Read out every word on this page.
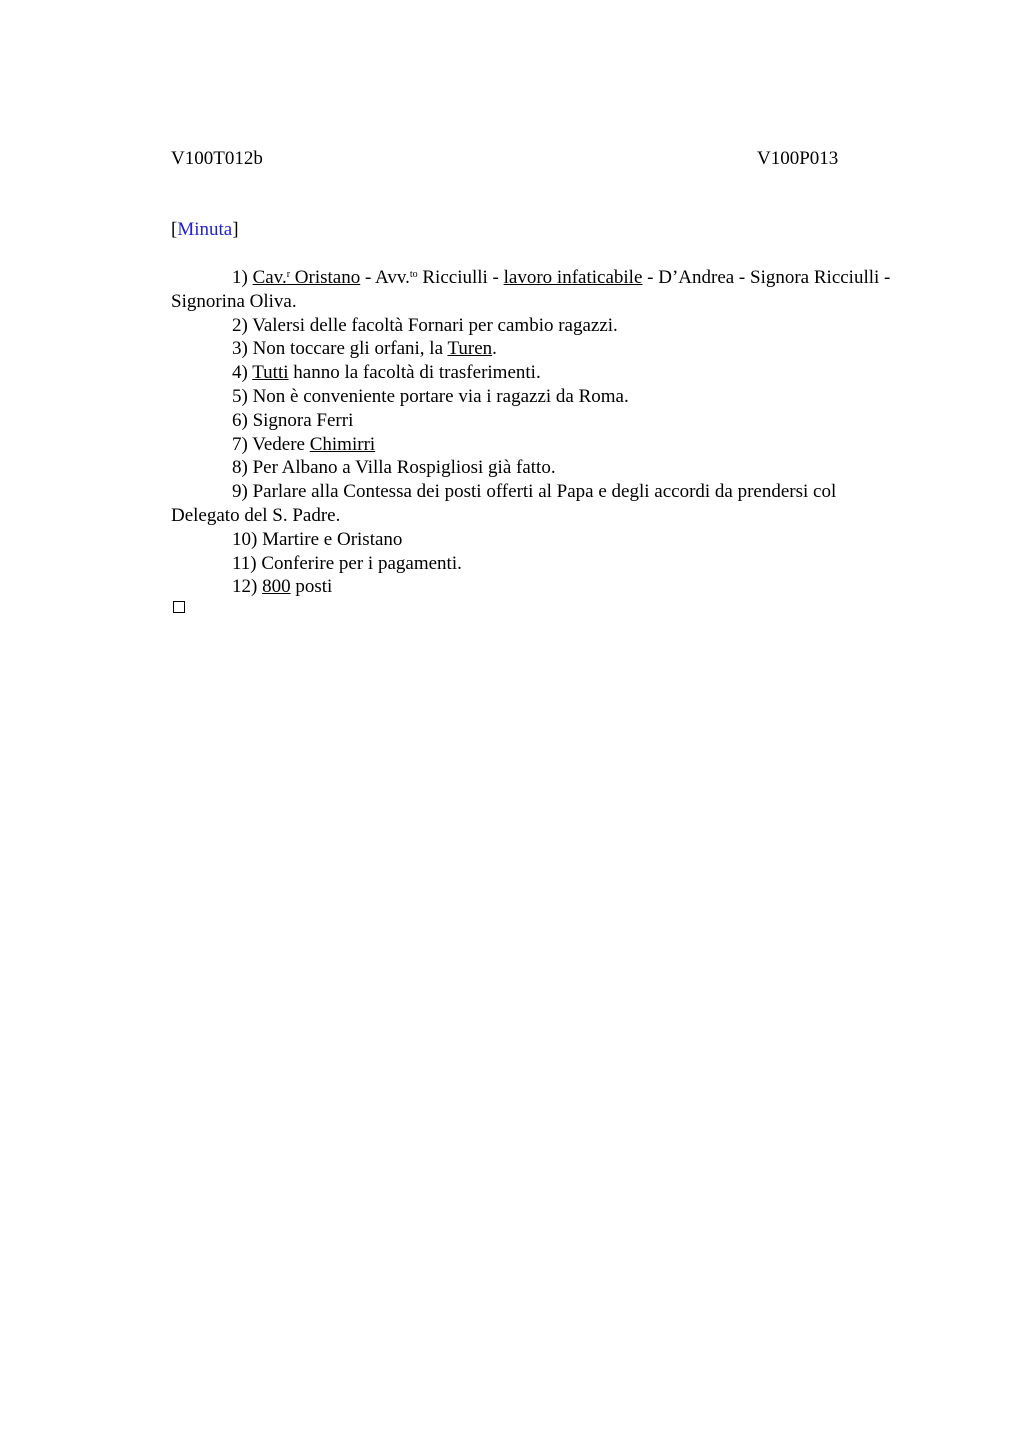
V100T012b	V100P013
[Minuta]

1) Cav.$^r$ Oristano - Avv.$^{to}$ Ricciulli - lavoro infaticabile - D’Andrea - Signora Ricciulli - Signorina Oliva.

2) Valersi delle facoltà Fornari per cambio ragazzi.

3) Non toccare gli orfani, la Turen.

4) Tutti hanno la facoltà di trasferimenti.

5) Non è conveniente portare via i ragazzi da Roma.

6) Signora Ferri

7) Vedere Chimirri

8) Per Albano a Villa Rospigliosi già fatto.

9) Parlare alla Contessa dei posti offerti al Papa e degli accordi da prendersi col Delegato del S. Padre.

10) Martire e Oristano

11) Conferire per i pagamenti.

12) 800 posti
